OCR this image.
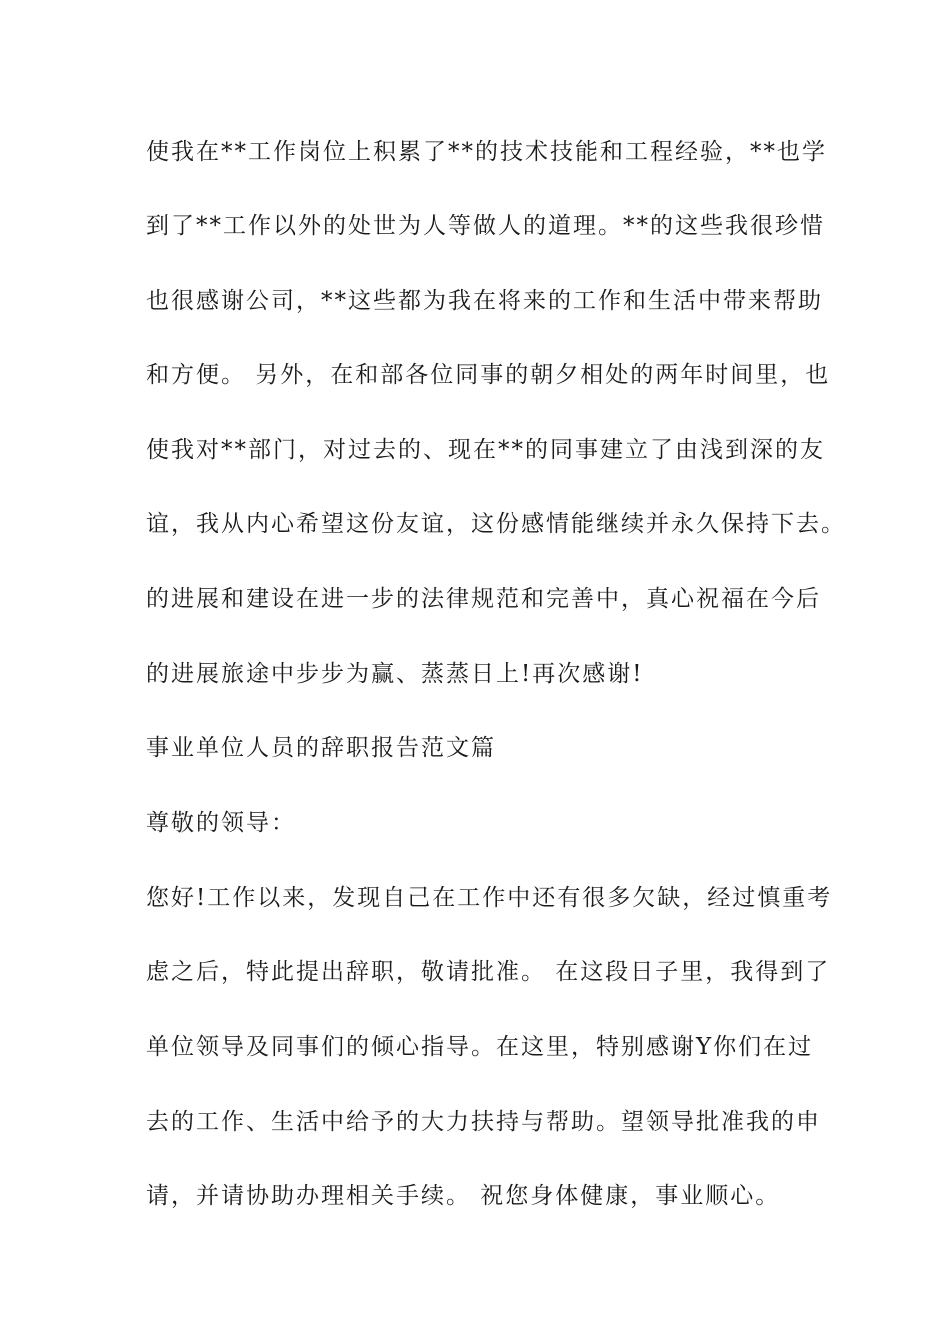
使我在**工作岗位上积累了**的技术技能和工程经验，**也学
到了**工作以外的处世为人等做人的道理。**的这些我很珍惜
也很感谢公司，**这些都为我在将来的工作和生活中带来帮助
和方便。 另外，在和部各位同事的朝夕相处的两年时间里，也
使我对**部门，对过去的、现在**的同事建立了由浅到深的友
谊，我从内心希望这份友谊，这份感情能继续并永久保持下去。
的进展和建设在进一步的法律规范和完善中，真心祝福在今后
的进展旅途中步步为赢、蒸蒸日上!再次感谢!
事业单位人员的辞职报告范文篇
尊敬的领导：
您好!工作以来，发现自己在工作中还有很多欠缺，经过慎重考
虑之后，特此提出辞职，敬请批准。 在这段日子里，我得到了
单位领导及同事们的倾心指导。在这里，特别感谢Y你们在过
去的工作、生活中给予的大力扶持与帮助。望领导批准我的申
请，并请协助办理相关手续。 祝您身体健康，事业顺心。
